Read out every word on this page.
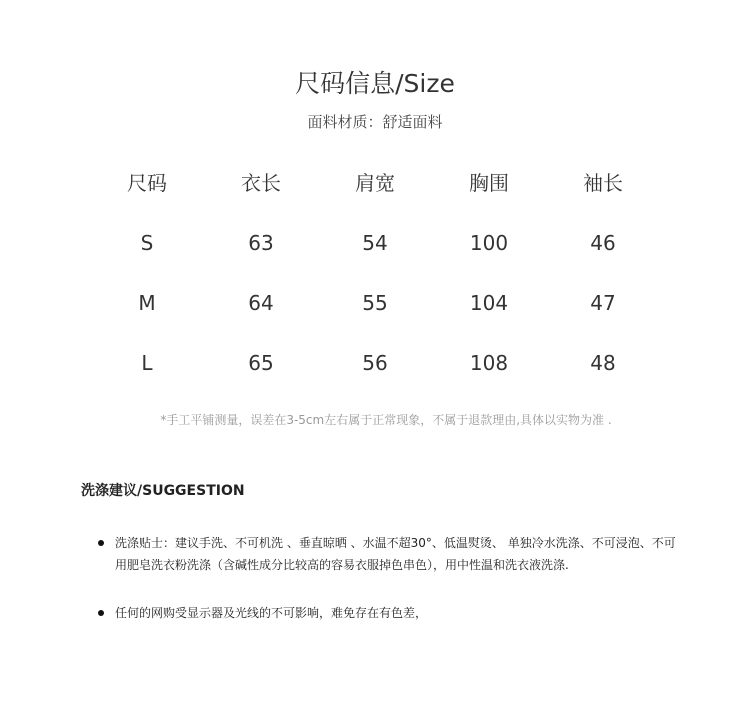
尺码信息/Size
面料材质：舒适面料
尺码	衣长	肩宽	胸围	袖长
S	63	54	100	46
M	64	55	104	47
L	65	56	108	48
*手工平铺测量，误差在3-5cm左右属于正常现象，不属于退款理由,具体以实物为准 .
洗涤建议/SUGGESTION
洗涤贴士：建议手洗、不可机洗 、垂直晾晒 、水温不超30°、低温熨烫、 单独冷水洗涤、不可浸泡、不可用肥皂洗衣粉洗涤（含碱性成分比较高的容易衣服掉色串色），用中性温和洗衣液洗涤.
任何的网购受显示器及光线的不可影响，难免存在有色差，
